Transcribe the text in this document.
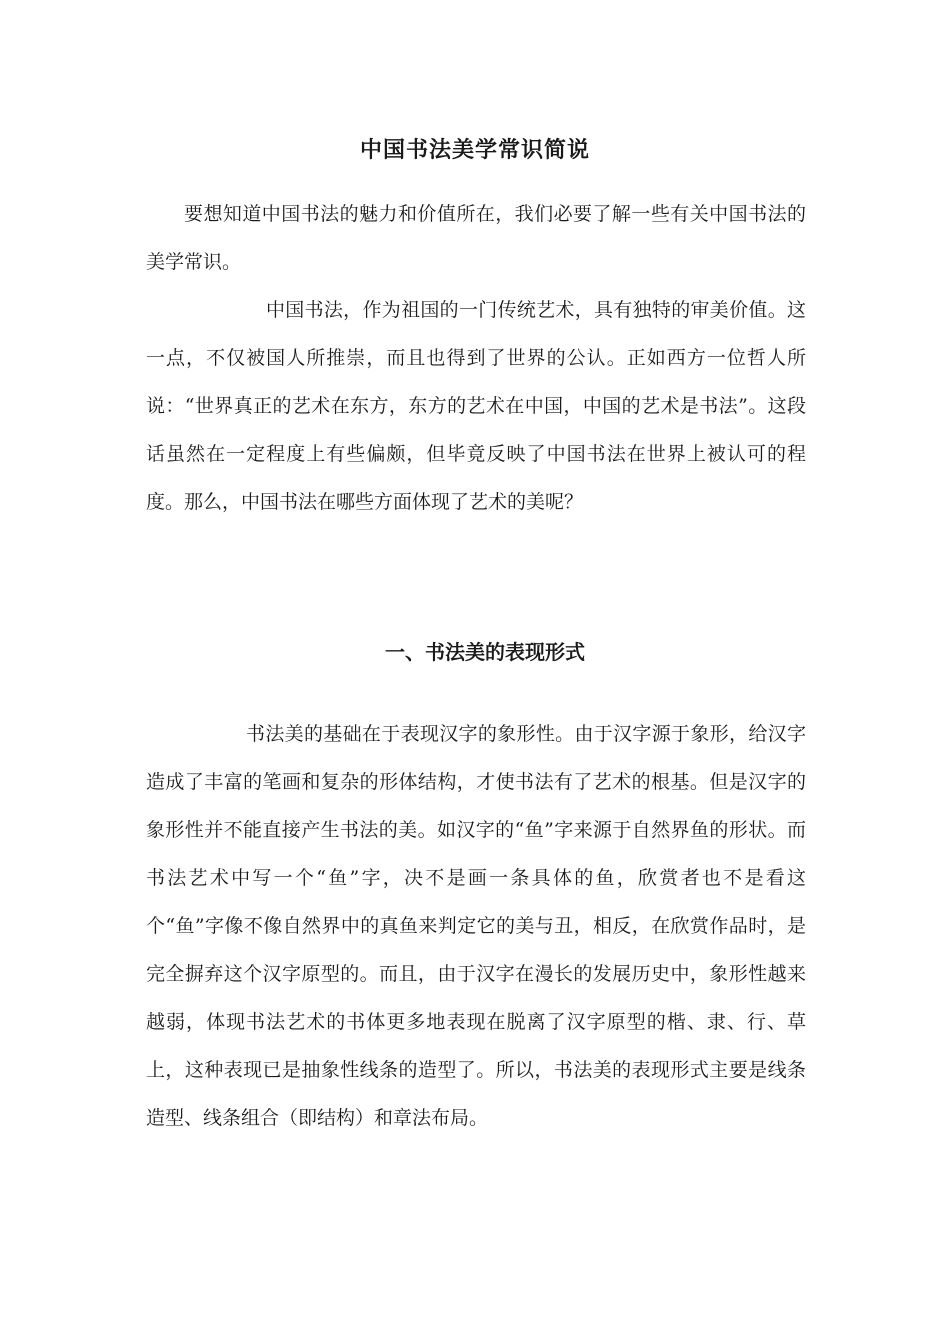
中国书法美学常识简说

要想知道中国书法的魅力和价值所在，我们必要了解一些有关中国书法的美学常识。

中国书法，作为祖国的一门传统艺术，具有独特的审美价值。这一点，不仅被国人所推崇，而且也得到了世界的公认。正如西方一位哲人所说：“世界真正的艺术在东方，东方的艺术在中国，中国的艺术是书法”。这段话虽然在一定程度上有些偏颇，但毕竟反映了中国书法在世界上被认可的程度。那么，中国书法在哪些方面体现了艺术的美呢？

一、书法美的表现形式

书法美的基础在于表现汉字的象形性。由于汉字源于象形，给汉字造成了丰富的笔画和复杂的形体结构，才使书法有了艺术的根基。但是汉字的象形性并不能直接产生书法的美。如汉字的“鱼”字来源于自然界鱼的形状。而书法艺术中写一个“鱼”字，决不是画一条具体的鱼，欣赏者也不是看这个“鱼”字像不像自然界中的真鱼来判定它的美与丑，相反，在欣赏作品时，是完全摒弃这个汉字原型的。而且，由于汉字在漫长的发展历史中，象形性越来越弱，体现书法艺术的书体更多地表现在脱离了汉字原型的楷、隶、行、草上，这种表现已是抽象性线条的造型了。所以，书法美的表现形式主要是线条造型、线条组合（即结构）和章法布局。
